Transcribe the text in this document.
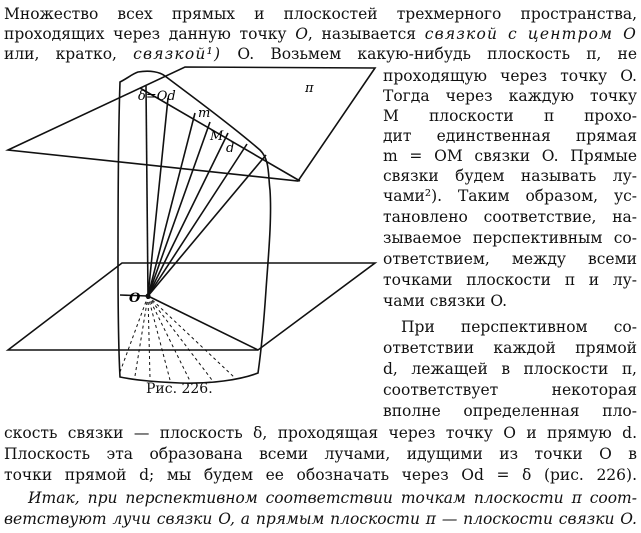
Множество всех прямых и плоскостей трехмерного пространства,
проходящих через данную точку O, называется связкой с центром O
или, кратко, связкой¹) O. Возьмем какую-нибудь плоскость π, не
проходящую через точку O.
Тогда через каждую точку
M плоскости π прохо-
дит единственная прямая
m = OM связки O. Прямые
связки будем называть лу-
чами²). Таким образом, ус-
тановлено соответствие, на-
зываемое перспективным со-
ответствием, между всеми
точками плоскости π и лу-
чами связки O.
При перспективном со-
ответствии каждой прямой
d, лежащей в плоскости π,
соответствует некоторая
вполне определенная пло-
скость связки — плоскость δ, проходящая через точку O и прямую d.
Плоскость эта образована всеми лучами, идущими из точки O в
точки прямой d; мы будем ее обозначать через Od = δ (рис. 226).
Итак, при перспективном соответствии точкам плоскости π соот-
ветствуют лучи связки O, а прямым плоскости π — плоскости связки O.
π
O
M
m
d
δ=Od
Рис. 226.
